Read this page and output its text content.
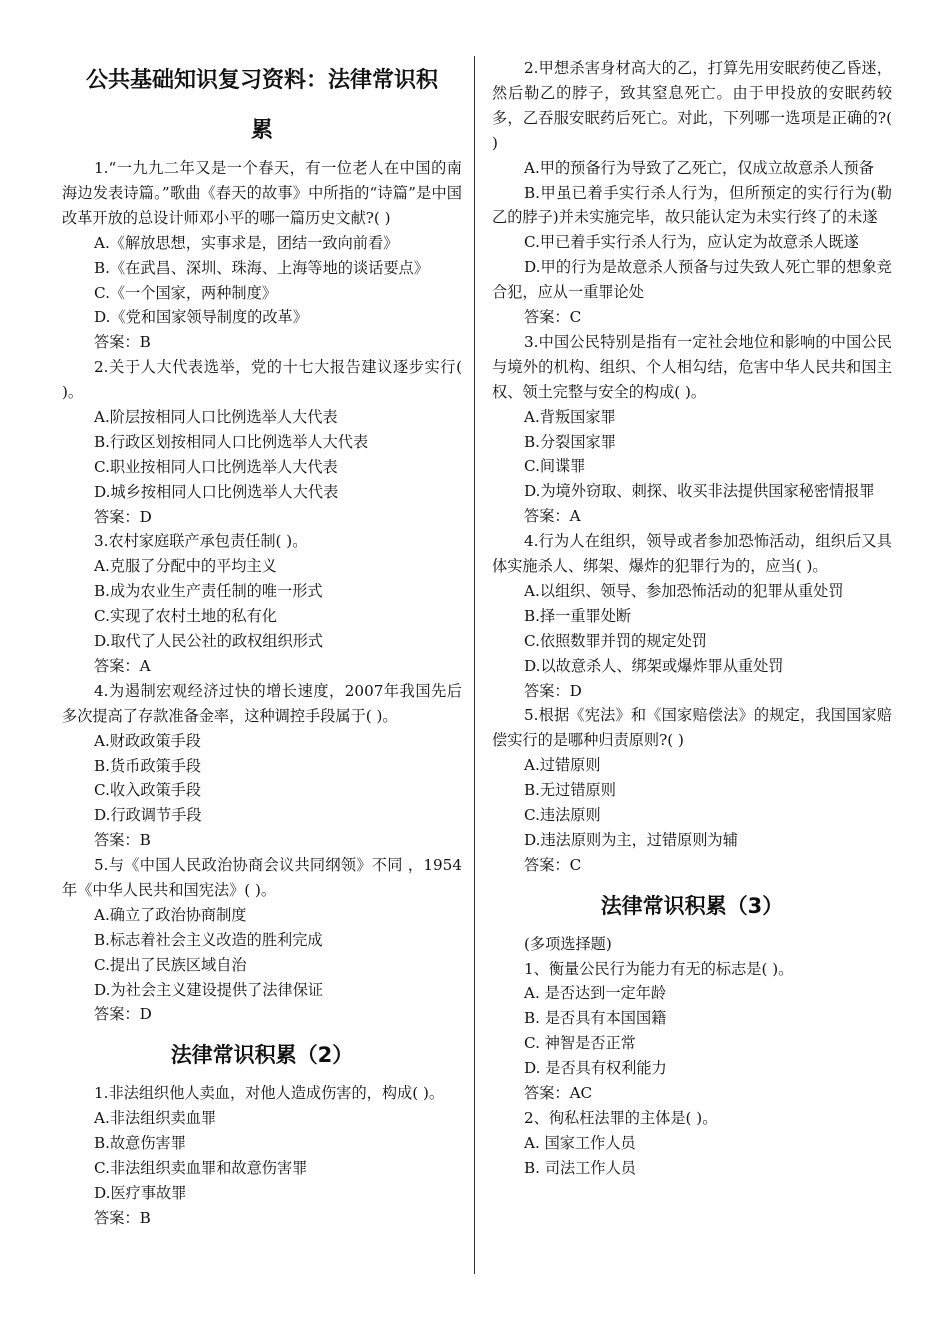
公共基础知识复习资料：法律常识积
累
1.“一九九二年又是一个春天，有一位老人在中国的南海边发表诗篇。”歌曲《春天的故事》中所指的“诗篇”是中国改革开放的总设计师邓小平的哪一篇历史文献?( )
A.《解放思想，实事求是，团结一致向前看》
B.《在武昌、深圳、珠海、上海等地的谈话要点》
C.《一个国家，两种制度》
D.《党和国家领导制度的改革》
答案：B
2.关于人大代表选举，党的十七大报告建议逐步实行( )。
A.阶层按相同人口比例选举人大代表
B.行政区划按相同人口比例选举人大代表
C.职业按相同人口比例选举人大代表
D.城乡按相同人口比例选举人大代表
答案：D
3.农村家庭联产承包责任制( )。
A.克服了分配中的平均主义
B.成为农业生产责任制的唯一形式
C.实现了农村土地的私有化
D.取代了人民公社的政权组织形式
答案：A
4.为遏制宏观经济过快的增长速度，2007年我国先后多次提高了存款准备金率，这种调控手段属于( )。
A.财政政策手段
B.货币政策手段
C.收入政策手段
D.行政调节手段
答案：B
5.与《中国人民政治协商会议共同纲领》不同 ，1954年《中华人民共和国宪法》( )。
A.确立了政治协商制度
B.标志着社会主义改造的胜利完成
C.提出了民族区域自治
D.为社会主义建设提供了法律保证
答案：D
法律常识积累（2）
1.非法组织他人卖血，对他人造成伤害的，构成( )。
A.非法组织卖血罪
B.故意伤害罪
C.非法组织卖血罪和故意伤害罪
D.医疗事故罪
答案：B
2.甲想杀害身材高大的乙，打算先用安眠药使乙昏迷，然后勒乙的脖子，致其窒息死亡。由于甲投放的安眠药较多，乙吞服安眠药后死亡。对此，下列哪一选项是正确的?( )
A.甲的预备行为导致了乙死亡，仅成立故意杀人预备
B.甲虽已着手实行杀人行为，但所预定的实行行为(勒乙的脖子)并未实施完毕，故只能认定为未实行终了的未遂
C.甲已着手实行杀人行为，应认定为故意杀人既遂
D.甲的行为是故意杀人预备与过失致人死亡罪的想象竞合犯，应从一重罪论处
答案：C
3.中国公民特别是指有一定社会地位和影响的中国公民与境外的机构、组织、个人相勾结，危害中华人民共和国主权、领土完整与安全的构成( )。
A.背叛国家罪
B.分裂国家罪
C.间谍罪
D.为境外窃取、刺探、收买非法提供国家秘密情报罪
答案：A
4.行为人在组织，领导或者参加恐怖活动，组织后又具体实施杀人、绑架、爆炸的犯罪行为的，应当( )。
A.以组织、领导、参加恐怖活动的犯罪从重处罚
B.择一重罪处断
C.依照数罪并罚的规定处罚
D.以故意杀人、绑架或爆炸罪从重处罚
答案：D
5.根据《宪法》和《国家赔偿法》的规定，我国国家赔偿实行的是哪种归责原则?( )
A.过错原则
B.无过错原则
C.违法原则
D.违法原则为主，过错原则为辅
答案：C
法律常识积累（3）
(多项选择题)
1、衡量公民行为能力有无的标志是( )。
A. 是否达到一定年龄
B. 是否具有本国国籍
C. 神智是否正常
D. 是否具有权利能力
答案：AC
2、徇私枉法罪的主体是( )。
A. 国家工作人员
B. 司法工作人员
